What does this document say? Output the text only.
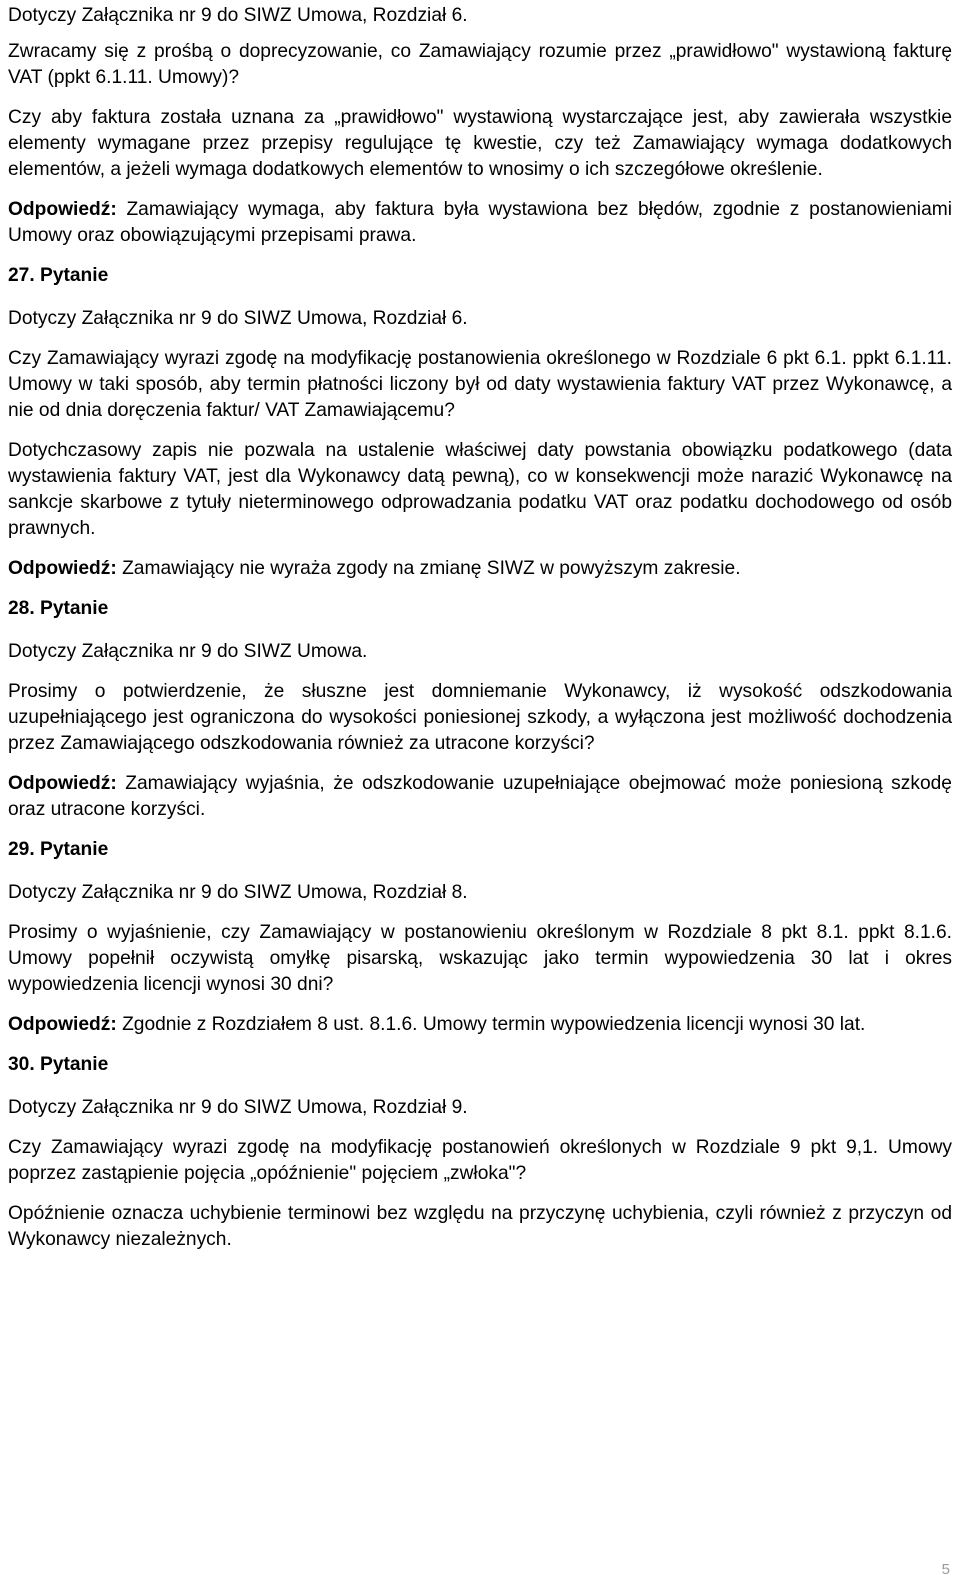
Dotyczy Załącznika nr 9 do SIWZ Umowa, Rozdział 6.

Zwracamy się z prośbą o doprecyzowanie, co Zamawiający rozumie przez „prawidłowo" wystawioną fakturę VAT (ppkt 6.1.11. Umowy)?

Czy aby faktura została uznana za „prawidłowo" wystawioną wystarczające jest, aby zawierała wszystkie elementy wymagane przez przepisy regulujące tę kwestie, czy też Zamawiający wymaga dodatkowych elementów, a jeżeli wymaga dodatkowych elementów to wnosimy o ich szczegółowe określenie.

Odpowiedź: Zamawiający wymaga, aby faktura była wystawiona bez błędów, zgodnie z postanowieniami Umowy oraz obowiązującymi przepisami prawa.

27. Pytanie

Dotyczy Załącznika nr 9 do SIWZ Umowa, Rozdział 6.

Czy Zamawiający wyrazi zgodę na modyfikację postanowienia określonego w Rozdziale 6 pkt 6.1. ppkt 6.1.11. Umowy w taki sposób, aby termin płatności liczony był od daty wystawienia faktury VAT przez Wykonawcę, a nie od dnia doręczenia faktur/ VAT Zamawiającemu?

Dotychczasowy zapis nie pozwala na ustalenie właściwej daty powstania obowiązku podatkowego (data wystawienia faktury VAT, jest dla Wykonawcy datą pewną), co w konsekwencji może narazić Wykonawcę na sankcje skarbowe z tytuły nieterminowego odprowadzania podatku VAT oraz podatku dochodowego od osób prawnych.

Odpowiedź: Zamawiający nie wyraża zgody na zmianę SIWZ w powyższym zakresie.

28. Pytanie

Dotyczy Załącznika nr 9 do SIWZ Umowa.

Prosimy o potwierdzenie, że słuszne jest domniemanie Wykonawcy, iż wysokość odszkodowania uzupełniającego jest ograniczona do wysokości poniesionej szkody, a wyłączona jest możliwość dochodzenia przez Zamawiającego odszkodowania również za utracone korzyści?

Odpowiedź: Zamawiający wyjaśnia, że odszkodowanie uzupełniające obejmować może poniesioną szkodę oraz utracone korzyści.

29. Pytanie

Dotyczy Załącznika nr 9 do SIWZ Umowa, Rozdział 8.

Prosimy o wyjaśnienie, czy Zamawiający w postanowieniu określonym w Rozdziale 8 pkt 8.1. ppkt 8.1.6. Umowy popełnił oczywistą omyłkę pisarską, wskazując jako termin wypowiedzenia 30 lat i okres wypowiedzenia licencji wynosi 30 dni?

Odpowiedź: Zgodnie z Rozdziałem 8 ust. 8.1.6. Umowy termin wypowiedzenia licencji wynosi 30 lat.

30. Pytanie

Dotyczy Załącznika nr 9 do SIWZ Umowa, Rozdział 9.

Czy Zamawiający wyrazi zgodę na modyfikację postanowień określonych w Rozdziale 9 pkt 9,1. Umowy poprzez zastąpienie pojęcia „opóźnienie" pojęciem „zwłoka"?

Opóźnienie oznacza uchybienie terminowi bez względu na przyczynę uchybienia, czyli również z przyczyn od Wykonawcy niezależnych.

5
